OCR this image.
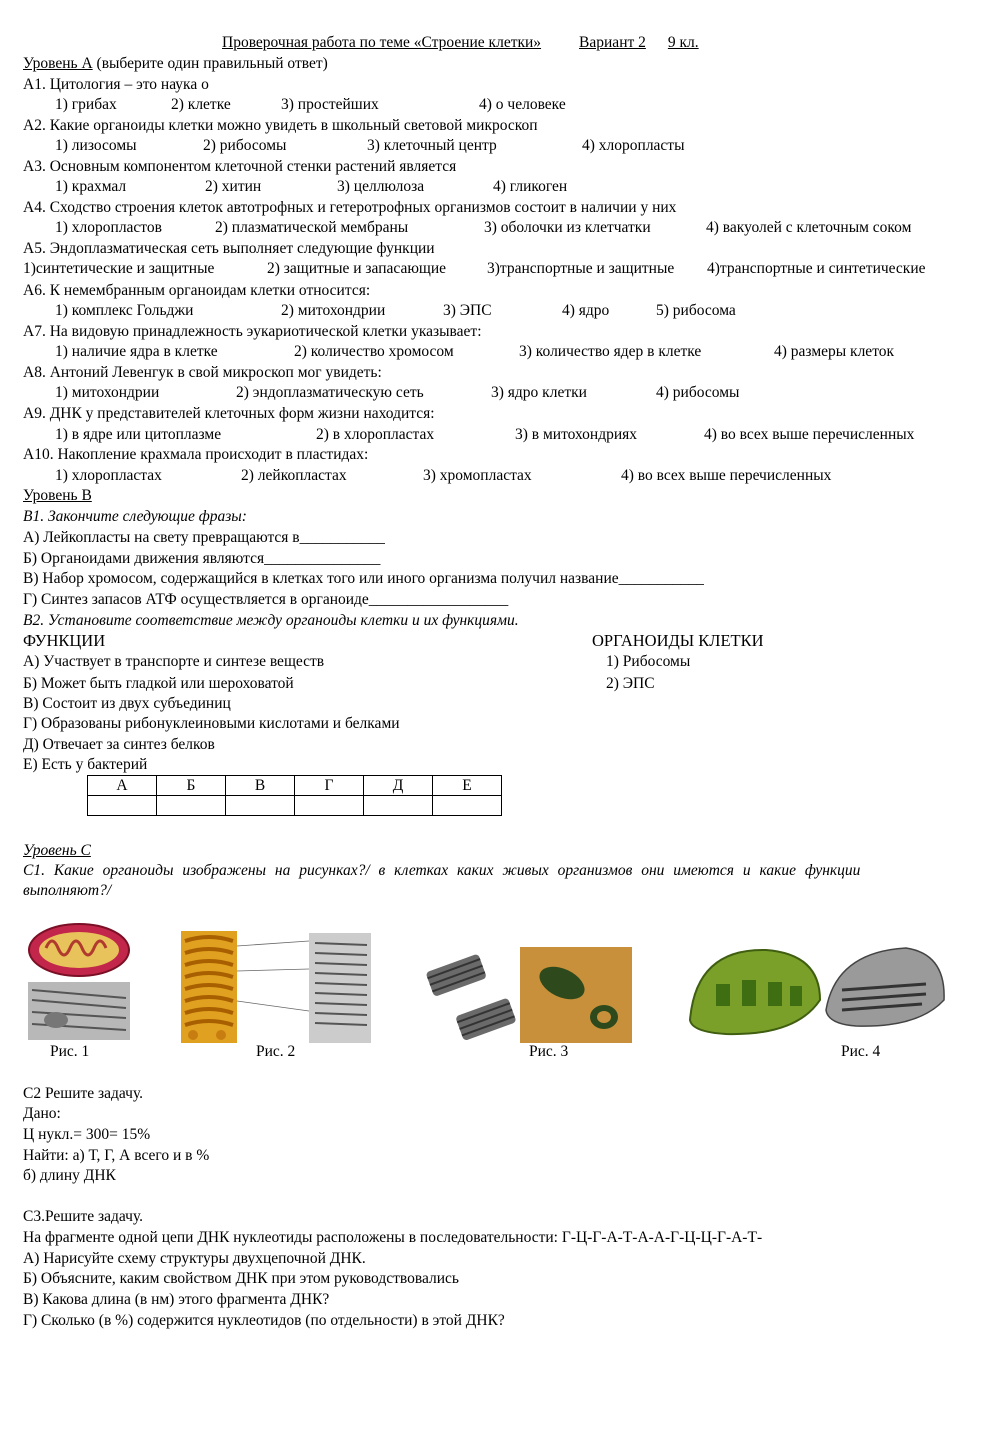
Проверочная работа по теме «Строение клетки» Вариант 2 9 кл.
Уровень А (выберите один правильный ответ)
А1. Цитология – это наука о
1) грибах	2) клетке	3) простейших	4) о человеке
А2. Какие органоиды клетки можно увидеть в школьный световой микроскоп
1) лизосомы	2) рибосомы	3) клеточный центр	4) хлоропласты
А3. Основным компонентом клеточной стенки растений является
1) крахмал	2) хитин	3) целлюлоза	4) гликоген
А4. Сходство строения клеток автотрофных и гетеротрофных организмов состоит в наличии у них
1) хлоропластов	2) плазматической мембраны	3) оболочки из клетчатки	4) вакуолей с клеточным соком
А5. Эндоплазматическая сеть выполняет следующие функции
1)синтетические и защитные	2) защитные и запасающие	3)транспортные и защитные 4)транспортные и синтетические
А6. К немембранным органоидам клетки относится:
1) комплекс Гольджи	2) митохондрии	3) ЭПС	4) ядро	5) рибосома
А7. На видовую принадлежность эукариотической клетки указывает:
1) наличие ядра в клетке	2) количество хромосом	3) количество ядер в клетке	4) размеры клеток
А8. Антоний Левенгук в свой микроскоп мог увидеть:
1) митохондрии	2) эндоплазматическую сеть	3) ядро клетки	4) рибосомы
А9. ДНК у представителей клеточных форм жизни находится:
1) в ядре или цитоплазме	2) в хлоропластах	3) в митохондриях	4) во всех выше перечисленных
А10. Накопление крахмала происходит в пластидах:
1) хлоропластах	2) лейкопластах	3) хромопластах	4) во всех выше перечисленных
Уровень В
В1. Закончите следующие фразы:
А) Лейкопласты на свету превращаются в___________
Б) Органоидами движения являются_______________
В) Набор хромосом, содержащийся в клетках того или иного организма получил название___________
Г) Синтез запасов АТФ осуществляется в органоиде__________________
В2. Установите соответствие между органоиды клетки и их функциями.
ФУНКЦИИ	ОРГАНОИДЫ КЛЕТКИ
А) Участвует в транспорте и синтезе веществ
Б) Может быть гладкой или шероховатой
В) Состоит из двух субъединиц
Г) Образованы рибонуклеиновыми кислотами и белками
Д) Отвечает за синтез белков
Е) Есть у бактерий
1) Рибосомы
2) ЭПС
А	Б	В	Г	Д	Е

Уровень С
С1. Какие органоиды изображены на рисунках?/ в клетках каких живых организмов они имеются и какие функции
выполняют?/
Рис. 1	Рис. 2	Рис. 3	Рис. 4
С2 Решите задачу.
Дано:
Ц нукл.= 300= 15%
Найти: а) Т, Г, А всего и в %
б) длину ДНК
С3.Решите задачу.
На фрагменте одной цепи ДНК нуклеотиды расположены в последовательности: Г-Ц-Г-А-Т-А-А-Г-Ц-Ц-Г-А-Т-
А) Нарисуйте схему структуры двухцепочной ДНК.
Б) Объясните, каким свойством ДНК при этом руководствовались
В) Какова длина (в нм) этого фрагмента ДНК?
Г) Сколько (в %) содержится нуклеотидов (по отдельности) в этой ДНК?
